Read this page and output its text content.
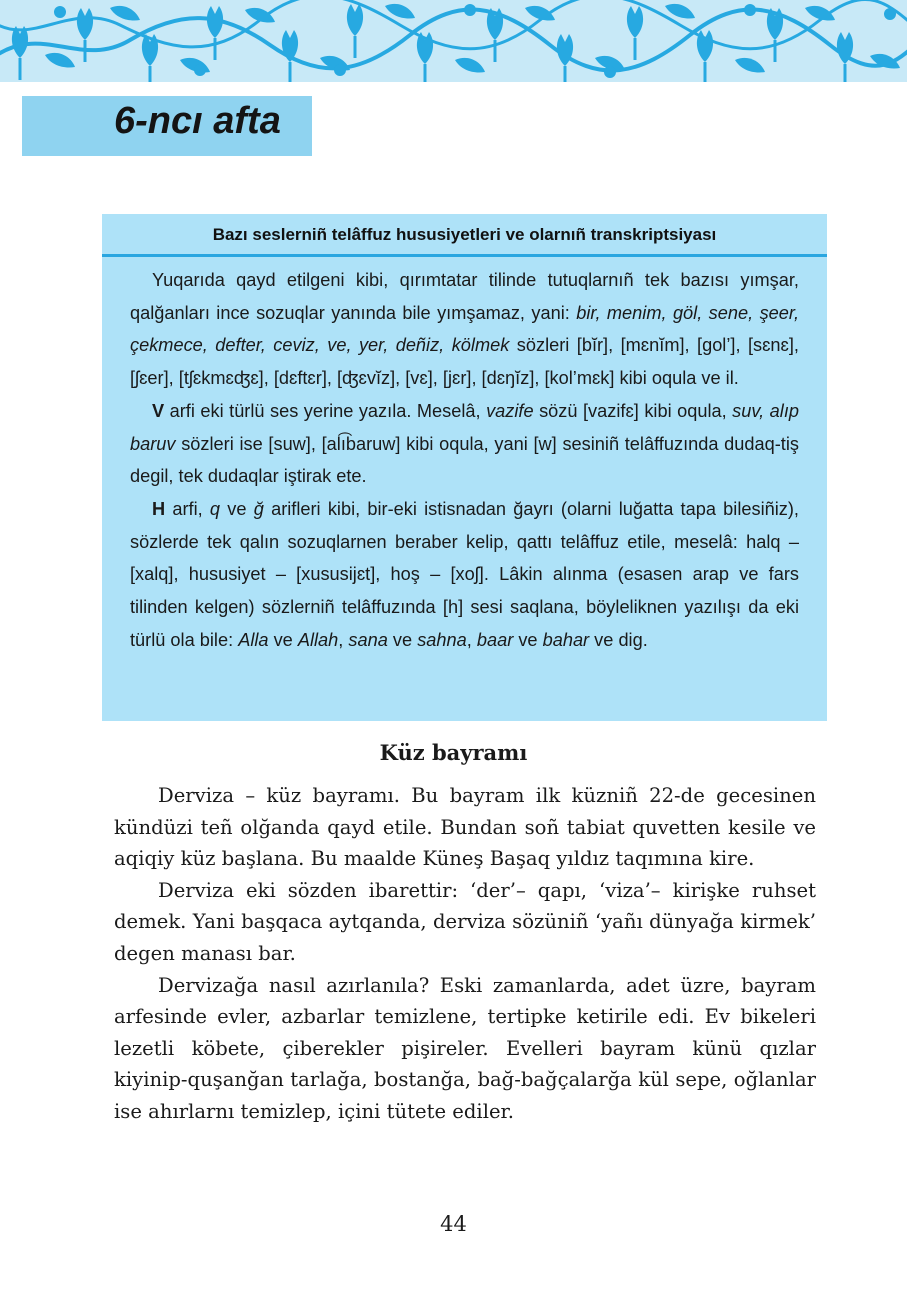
6-ncı afta
Bazı seslerniñ telâffuz hususiyetleri ve olarnıñ transkriptsiyası

Yuqarıda qayd etilgeni kibi, qırımtatar tilinde tutuqlarnıñ tek bazısı yımşar, qalğanları ince sozuqlar yanında bile yımşamaz, yani: bir, menim, göl, sene, şeer, çekmece, defter, ceviz, ve, yer, deñiz, kölmek sözleri [bĭr], [mɛnĭm], [gol’], [sɛnɛ], [ʃɛer], [tʃɛkmɛʤɛ], [dɛftɛr], [ʤɛvĭz], [vɛ], [jɛr], [dɛŋĭz], [kol’mɛk] kibi oqula ve il.

V arfi eki türlü ses yerine yazıla. Meselâ, vazife sözü [vazifɛ] kibi oqula, suv, alıp baruv sözleri ise [suw], [alı͡baruw] kibi oqula, yani [w] sesiniñ telâffuzında dudaq-tiş degil, tek dudaqlar iştirak ete.

H arfi, q ve ğ arifleri kibi, bir-eki istisnadan ğayrı (olarni luğatta tapa bilesiñiz), sözlerde tek qalın sozuqlarnen beraber kelip, qattı telâffuz etile, meselâ: halq – [xalq], hususiyet – [xususijɛt], hoş – [xoʃ]. Lâkin alınma (esasen arap ve fars tilinden kelgen) sözlerniñ telâffuzında [h] sesi saqlana, böyleliknen yazılışı da eki türlü ola bile: Alla ve Allah, sana ve sahna, baar ve bahar ve dig.

Küz bayramı

Derviza – küz bayramı. Bu bayram ilk küzniñ 22-de gecesinen kündüzi teñ olğanda qayd etile. Bundan soñ tabiat quvetten kesile ve aqiqiy küz başlana. Bu maalde Küneş Başaq yıldız taqımına kire.

Derviza eki sözden ibarettir: ‘der’– qapı, ‘viza’– kirişke ruhset demek. Yani başqaca aytqanda, derviza sözüniñ ‘yañı dünyağa kirmek’ degen manası bar.

Dervizağa nasıl azırlanıla? Eski zamanlarda, adet üzre, bayram arfesinde evler, azbarlar temizlene, tertipke ketirile edi. Ev bikeleri lezetli köbete, çiberekler pişireler. Evelleri bayram künü qızlar kiyinip-quşanğan tarlağa, bostanğa, bağ-bağçalarğa kül sepe, oğlanlar ise ahırlarnı temizlep, içini tütete ediler.

44
